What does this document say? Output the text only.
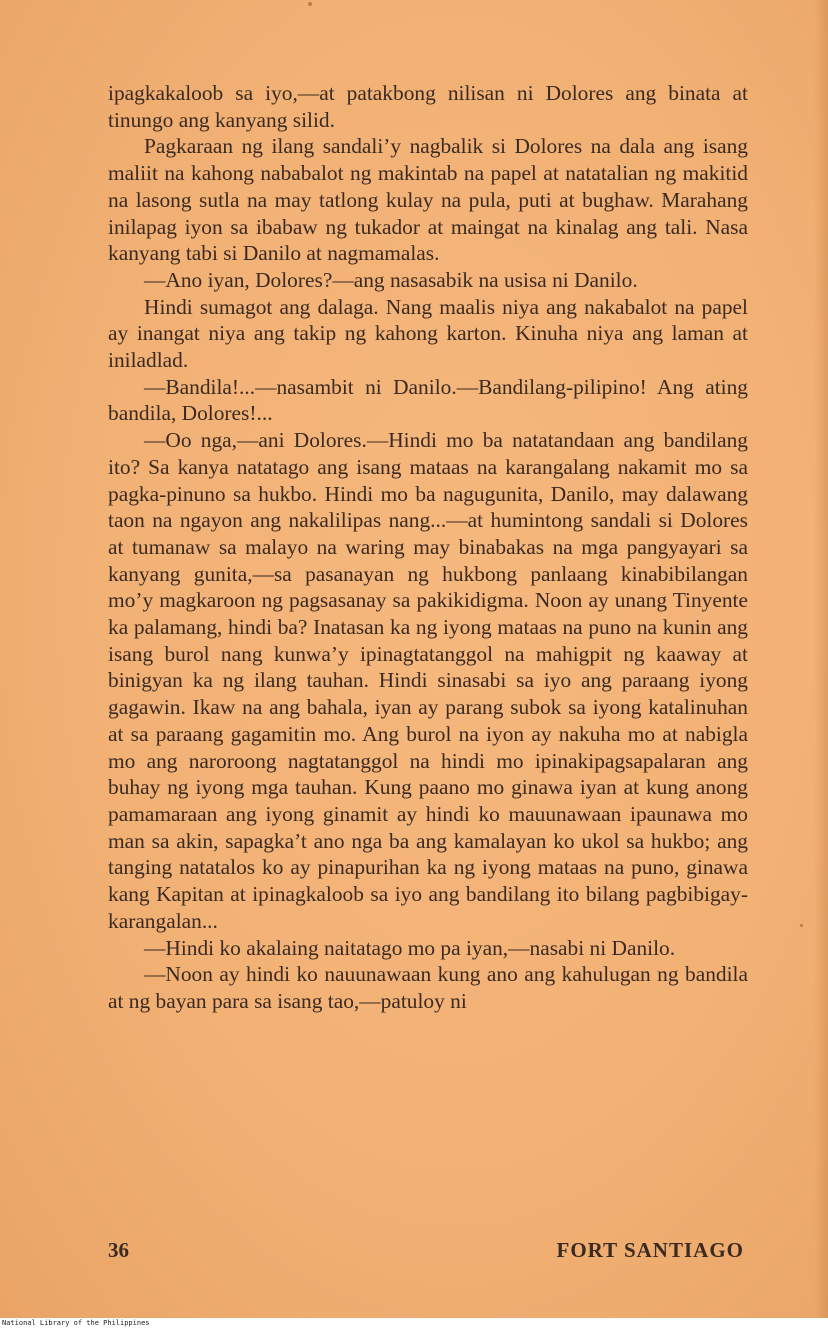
ipagkakaloob sa iyo,—at patakbong nilisan ni Dolores ang binata at tinungo ang kanyang silid.

Pagkaraan ng ilang sandali’y nagbalik si Dolores na dala ang isang maliit na kahong nababalot ng makintab na papel at natatalian ng makitid na lasong sutla na may tatlong kulay na pula, puti at bughaw. Marahang inilapag iyon sa ibabaw ng tukador at maingat na kinalag ang tali. Nasa kanyang tabi si Danilo at nagmamalas.

—Ano iyan, Dolores?—ang nasasabik na usisa ni Danilo.

Hindi sumagot ang dalaga. Nang maalis niya ang nakabalot na papel ay inangat niya ang takip ng kahong karton. Kinuha niya ang laman at iniladlad.

—Bandila!...—nasambit ni Danilo.—Bandilang-pilipino! Ang ating bandila, Dolores!...

—Oo nga,—ani Dolores.—Hindi mo ba natatandaan ang bandilang ito? Sa kanya natatago ang isang mataas na karangalang nakamit mo sa pagka-pinuno sa hukbo. Hindi mo ba nagugunita, Danilo, may dalawang taon na ngayon ang nakalilipas nang...—at humintong sandali si Dolores at tumanaw sa malayo na waring may binabakas na mga pangyayari sa kanyang gunita,—sa pasanayan ng hukbong panlaang kinabibilangan mo’y magkaroon ng pagsasanay sa pakikidigma. Noon ay unang Tinyente ka palamang, hindi ba? Inatasan ka ng iyong mataas na puno na kunin ang isang burol nang kunwa’y ipinagtatanggol na mahigpit ng kaaway at binigyan ka ng ilang tauhan. Hindi sinasabi sa iyo ang paraang iyong gagawin. Ikaw na ang bahala, iyan ay parang subok sa iyong katalinuhan at sa paraang gagamitin mo. Ang burol na iyon ay nakuha mo at nabigla mo ang naroroong nagtatanggol na hindi mo ipinakipagsapalaran ang buhay ng iyong mga tauhan. Kung paano mo ginawa iyan at kung anong pamamaraan ang iyong ginamit ay hindi ko mauunawaan ipaunawa mo man sa akin, sapagka’t ano nga ba ang kamalayan ko ukol sa hukbo; ang tanging natatalos ko ay pinapurihan ka ng iyong mataas na puno, ginawa kang Kapitan at ipinagkaloob sa iyo ang bandilang ito bilang pagbibigay-karangalan...

—Hindi ko akalaing naitatago mo pa iyan,—nasabi ni Danilo.

—Noon ay hindi ko nauunawaan kung ano ang kahulugan ng bandila at ng bayan para sa isang tao,—patuloy ni

36	FORT SANTIAGO
National Library of the Philippines
